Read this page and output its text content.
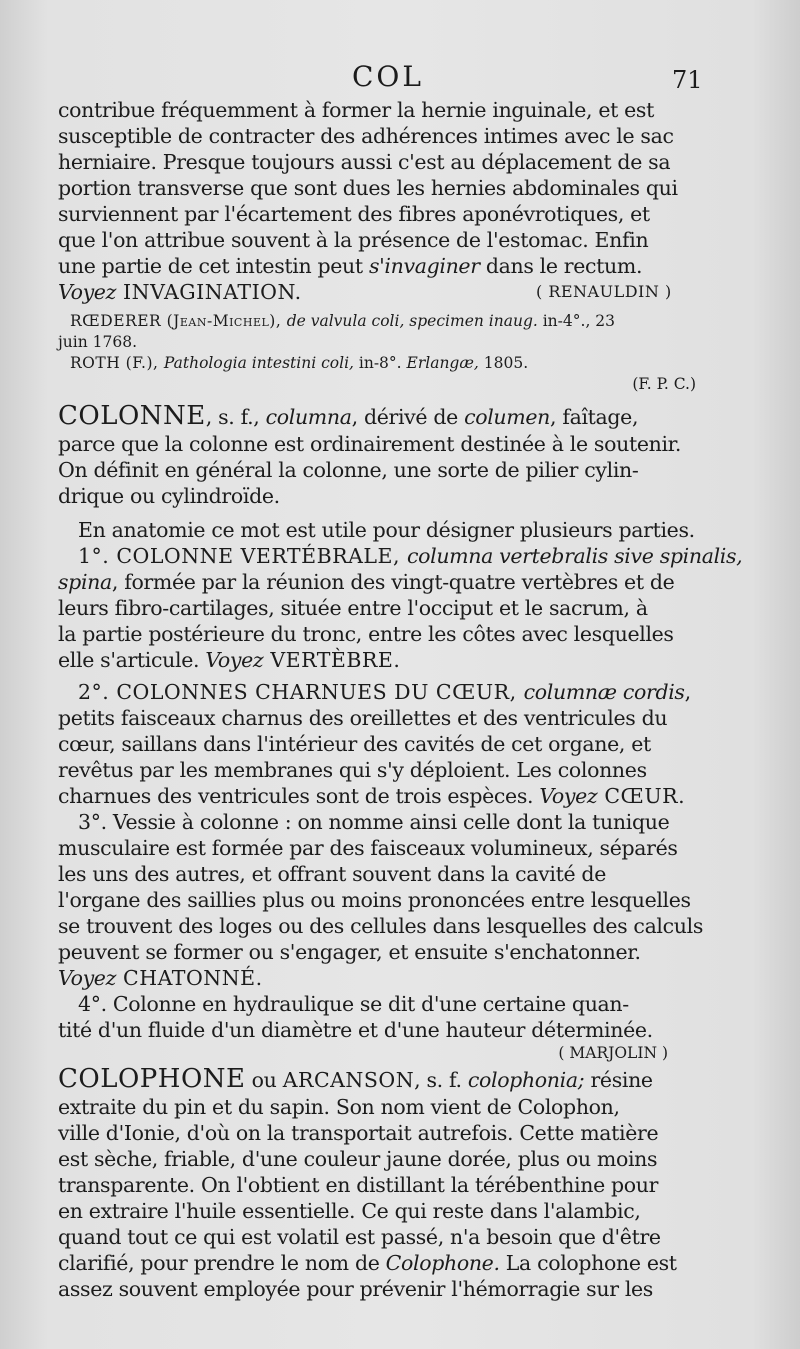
COL	71
contribue fréquemment à former la hernie inguinale, et est
susceptible de contracter des adhérences intimes avec le sac
herniaire. Presque toujours aussi c'est au déplacement de sa
portion transverse que sont dues les hernies abdominales qui
surviennent par l'écartement des fibres aponévrotiques, et
que l'on attribue souvent à la présence de l'estomac. Enfin
une partie de cet intestin peut s'invaginer dans le rectum.
Voyez INVAGINATION.	( RENAULDIN )
RŒDERER (Jean-Michel), de valvula coli, specimen inaug. in-4°., 23
juin 1768.
ROTH (F.), Pathologia intestini coli, in-8°. Erlangæ, 1805.
(F. P. C.)
COLONNE, s. f., columna, dérivé de columen, faîtage,
parce que la colonne est ordinairement destinée à le soutenir.
On définit en général la colonne, une sorte de pilier cylin-
drique ou cylindroïde.
En anatomie ce mot est utile pour désigner plusieurs parties.
1°. COLONNE VERTÉBRALE, columna vertebralis sive spinalis,
spina, formée par la réunion des vingt-quatre vertèbres et de
leurs fibro-cartilages, située entre l'occiput et le sacrum, à
la partie postérieure du tronc, entre les côtes avec lesquelles
elle s'articule. Voyez VERTÈBRE.
2°. COLONNES CHARNUES DU CŒUR, columnæ cordis,
petits faisceaux charnus des oreillettes et des ventricules du
cœur, saillans dans l'intérieur des cavités de cet organe, et
revêtus par les membranes qui s'y déploient. Les colonnes
charnues des ventricules sont de trois espèces. Voyez CŒUR.
3°. Vessie à colonne : on nomme ainsi celle dont la tunique
musculaire est formée par des faisceaux volumineux, séparés
les uns des autres, et offrant souvent dans la cavité de
l'organe des saillies plus ou moins prononcées entre lesquelles
se trouvent des loges ou des cellules dans lesquelles des calculs
peuvent se former ou s'engager, et ensuite s'enchatonner.
Voyez CHATONNÉ.
4°. Colonne en hydraulique se dit d'une certaine quan-
tité d'un fluide d'un diamètre et d'une hauteur déterminée.
( MARJOLIN )
COLOPHONE ou ARCANSON, s. f. colophonia; résine
extraite du pin et du sapin. Son nom vient de Colophon,
ville d'Ionie, d'où on la transportait autrefois. Cette matière
est sèche, friable, d'une couleur jaune dorée, plus ou moins
transparente. On l'obtient en distillant la térébenthine pour
en extraire l'huile essentielle. Ce qui reste dans l'alambic,
quand tout ce qui est volatil est passé, n'a besoin que d'être
clarifié, pour prendre le nom de Colophone. La colophone est
assez souvent employée pour prévenir l'hémorragie sur les
